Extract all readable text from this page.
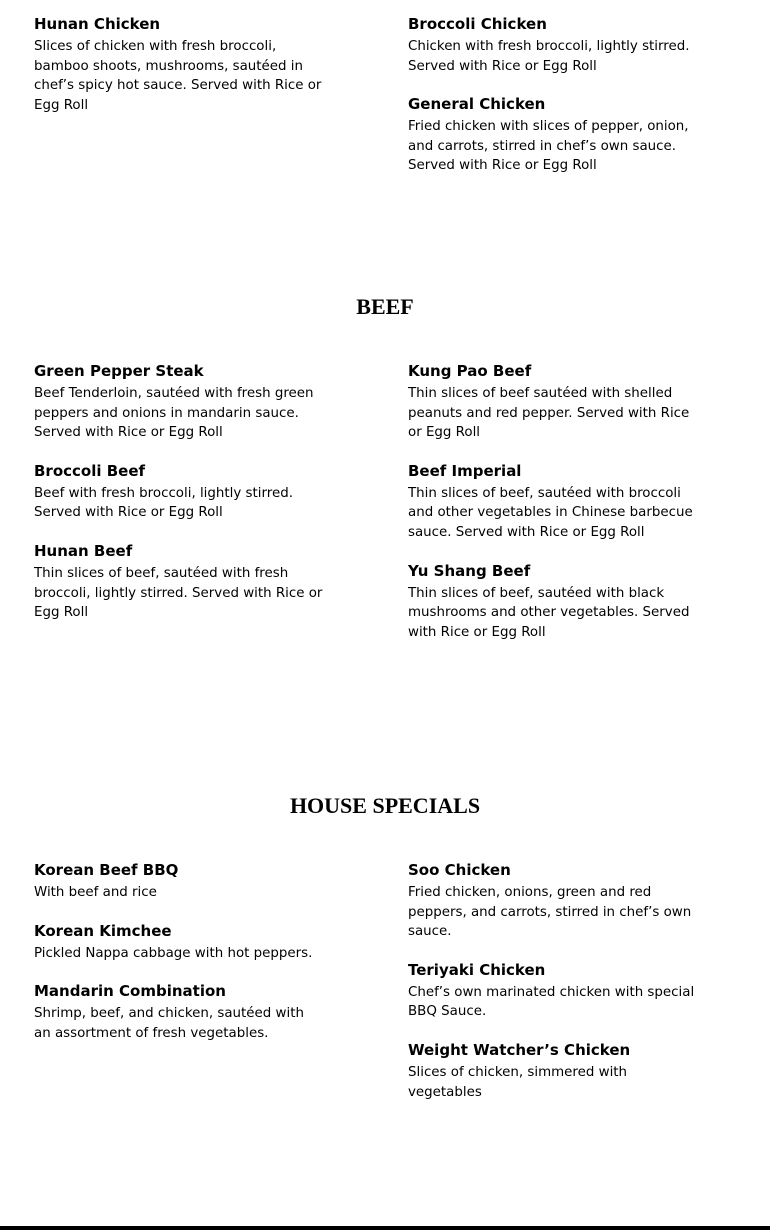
Hunan Chicken

Slices of chicken with fresh broccoli, bamboo shoots, mushrooms, sautéed in chef’s spicy hot sauce. Served with Rice or Egg Roll

Broccoli Chicken

Chicken with fresh broccoli, lightly stirred. Served with Rice or Egg Roll

General Chicken

Fried chicken with slices of pepper, onion, and carrots, stirred in chef’s own sauce. Served with Rice or Egg Roll

BEEF

Green Pepper Steak

Beef Tenderloin, sautéed with fresh green peppers and onions in mandarin sauce. Served with Rice or Egg Roll

Broccoli Beef

Beef with fresh broccoli, lightly stirred. Served with Rice or Egg Roll

Hunan Beef

Thin slices of beef, sautéed with fresh broccoli, lightly stirred. Served with Rice or Egg Roll

Kung Pao Beef

Thin slices of beef sautéed with shelled peanuts and red pepper. Served with Rice or Egg Roll

Beef Imperial

Thin slices of beef, sautéed with broccoli and other vegetables in Chinese barbecue sauce. Served with Rice or Egg Roll

Yu Shang Beef

Thin slices of beef, sautéed with black mushrooms and other vegetables. Served with Rice or Egg Roll

HOUSE SPECIALS

Korean Beef BBQ

With beef and rice

Korean Kimchee

Pickled Nappa cabbage with hot peppers.

Mandarin Combination

Shrimp, beef, and chicken, sautéed with an assortment of fresh vegetables.

Soo Chicken

Fried chicken, onions, green and red peppers, and carrots, stirred in chef’s own sauce.

Teriyaki Chicken

Chef’s own marinated chicken with special BBQ Sauce.

Weight Watcher’s Chicken

Slices of chicken, simmered with vegetables
